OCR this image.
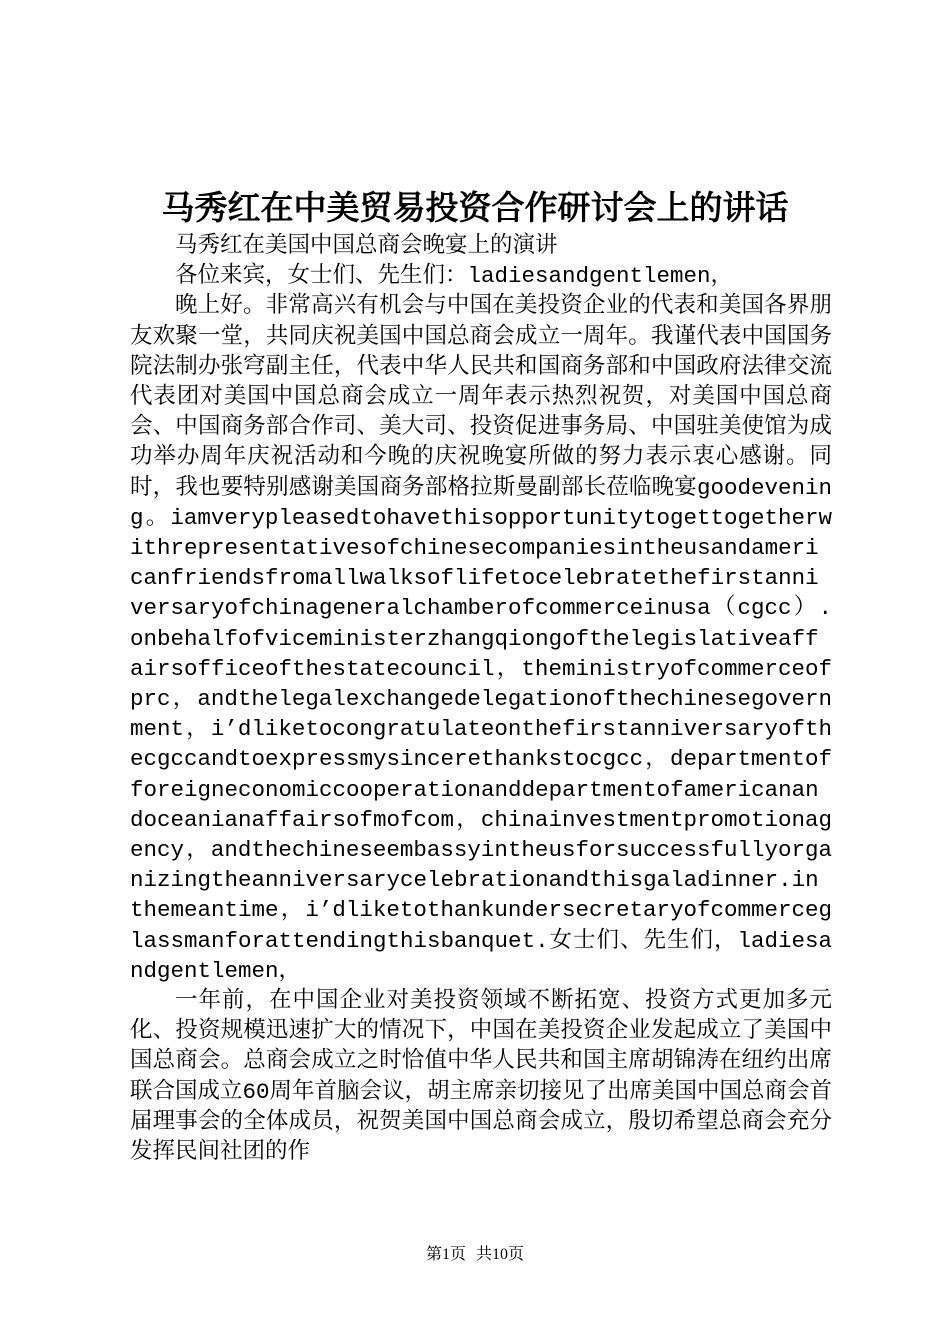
马秀红在中美贸易投资合作研讨会上的讲话

马秀红在美国中国总商会晚宴上的演讲

各位来宾，女士们、先生们：ladiesandgentlemen，

晚上好。非常高兴有机会与中国在美投资企业的代表和美国各界朋友欢聚一堂，共同庆祝美国中国总商会成立一周年。我谨代表中国国务院法制办张穹副主任，代表中华人民共和国商务部和中国政府法律交流代表团对美国中国总商会成立一周年表示热烈祝贺，对美国中国总商会、中国商务部合作司、美大司、投资促进事务局、中国驻美使馆为成功举办周年庆祝活动和今晚的庆祝晚宴所做的努力表示衷心感谢。同时，我也要特别感谢美国商务部格拉斯曼副部长莅临晚宴goodevening。iamverypleasedtohavethisopportunitytogettogetherwithrepresentativesofchinesecompaniesintheusandamericanfriendsfromallwalksoflifetocelebratethefirstanniversaryofchinageneralchamberofcommerceinusa（cgcc）.onbehalfofviceministerzhangqiongofthelegislativeaffairsofficeofthestatecouncil，theministryofcommerceofprc，andthelegalexchangedelegationofthechinesegovernment，i’dliketocongratulateonthefirstanniversaryofthecgccandtoexpressmysincerethankstocgcc，departmentofforeigneconomiccooperationanddepartmentofamericanandoceanianaffairsofmofcom，chinainvestmentpromotionagency，andthechineseembassyintheusforsuccessfullyorganizingtheanniversarycelebrationandthisgaladinner.inthemeantime，i’dliketothankundersecretaryofcommerceglassmanforattendingthisbanquet.女士们、先生们，ladiesandgentlemen，

一年前，在中国企业对美投资领域不断拓宽、投资方式更加多元化、投资规模迅速扩大的情况下，中国在美投资企业发起成立了美国中国总商会。总商会成立之时恰值中华人民共和国主席胡锦涛在纽约出席联合国成立60周年首脑会议，胡主席亲切接见了出席美国中国总商会首届理事会的全体成员，祝贺美国中国总商会成立，殷切希望总商会充分发挥民间社团的作

第1页 共10页
